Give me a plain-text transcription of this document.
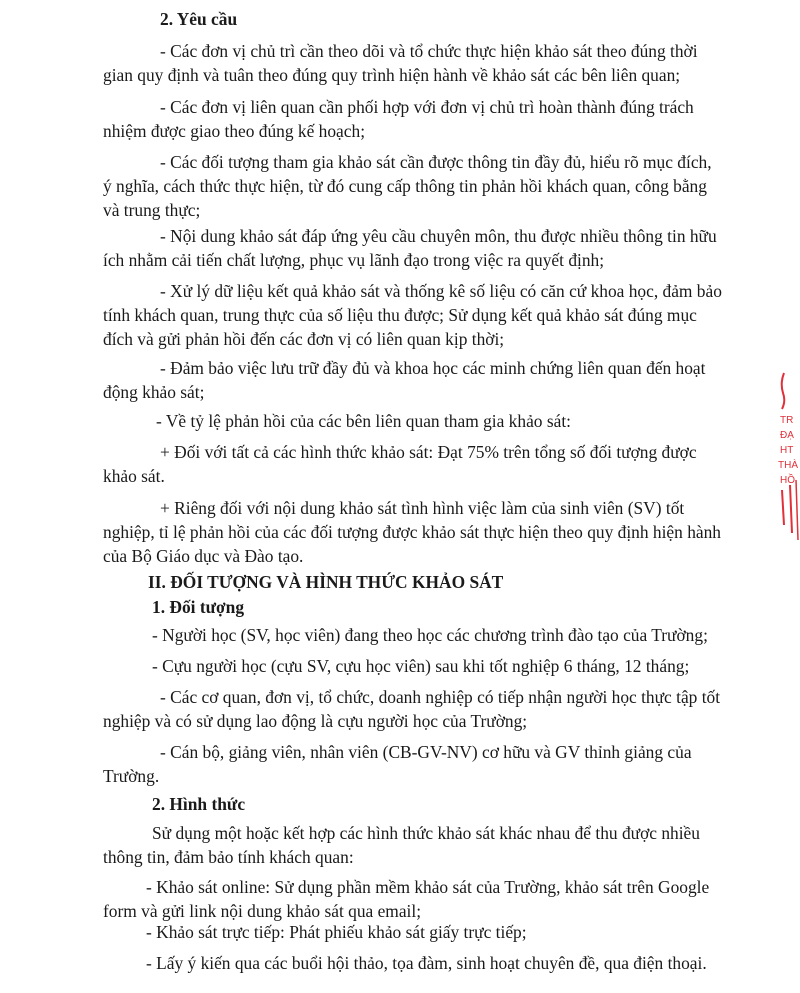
2. Yêu cầu
- Các đơn vị chủ trì cần theo dõi và tổ chức thực hiện khảo sát theo đúng thời
gian quy định và tuân theo đúng quy trình hiện hành về khảo sát các bên liên quan;
- Các đơn vị liên quan cần phối hợp với đơn vị chủ trì hoàn thành đúng trách
nhiệm được giao theo đúng kế hoạch;
- Các đối tượng tham gia khảo sát cần được thông tin đầy đủ, hiểu rõ mục đích,
ý nghĩa, cách thức thực hiện, từ đó cung cấp thông tin phản hồi khách quan, công bằng
và trung thực;
- Nội dung khảo sát đáp ứng yêu cầu chuyên môn, thu được nhiều thông tin hữu
ích nhằm cải tiến chất lượng, phục vụ lãnh đạo trong việc ra quyết định;
- Xử lý dữ liệu kết quả khảo sát và thống kê số liệu có căn cứ khoa học, đảm bảo
tính khách quan, trung thực của số liệu thu được; Sử dụng kết quả khảo sát đúng mục
đích và gửi phản hồi đến các đơn vị có liên quan kịp thời;
- Đảm bảo việc lưu trữ đầy đủ và khoa học các minh chứng liên quan đến hoạt
động khảo sát;
- Về tỷ lệ phản hồi của các bên liên quan tham gia khảo sát:
+ Đối với tất cả các hình thức khảo sát: Đạt 75% trên tổng số đối tượng được
khảo sát.
+ Riêng đối với nội dung khảo sát tình hình việc làm của sinh viên (SV) tốt
nghiệp, tỉ lệ phản hồi của các đối tượng được khảo sát thực hiện theo quy định hiện hành
của Bộ Giáo dục và Đào tạo.
II. ĐỐI TƯỢNG VÀ HÌNH THỨC KHẢO SÁT
1. Đối tượng
- Người học (SV, học viên) đang theo học các chương trình đào tạo của Trường;
- Cựu người học (cựu SV, cựu học viên) sau khi tốt nghiệp 6 tháng, 12 tháng;
- Các cơ quan, đơn vị, tổ chức, doanh nghiệp có tiếp nhận người học thực tập tốt
nghiệp và có sử dụng lao động là cựu người học của Trường;
- Cán bộ, giảng viên, nhân viên (CB-GV-NV) cơ hữu và GV thỉnh giảng của
Trường.
2. Hình thức
Sử dụng một hoặc kết hợp các hình thức khảo sát khác nhau để thu được nhiều
thông tin, đảm bảo tính khách quan:
- Khảo sát online: Sử dụng phần mềm khảo sát của Trường, khảo sát trên Google
form và gửi link nội dung khảo sát qua email;
- Khảo sát trực tiếp: Phát phiếu khảo sát giấy trực tiếp;
- Lấy ý kiến qua các buổi hội thảo, tọa đàm, sinh hoạt chuyên đề, qua điện thoại.
TR
ĐẠ
HT
THÀ
HỒ
